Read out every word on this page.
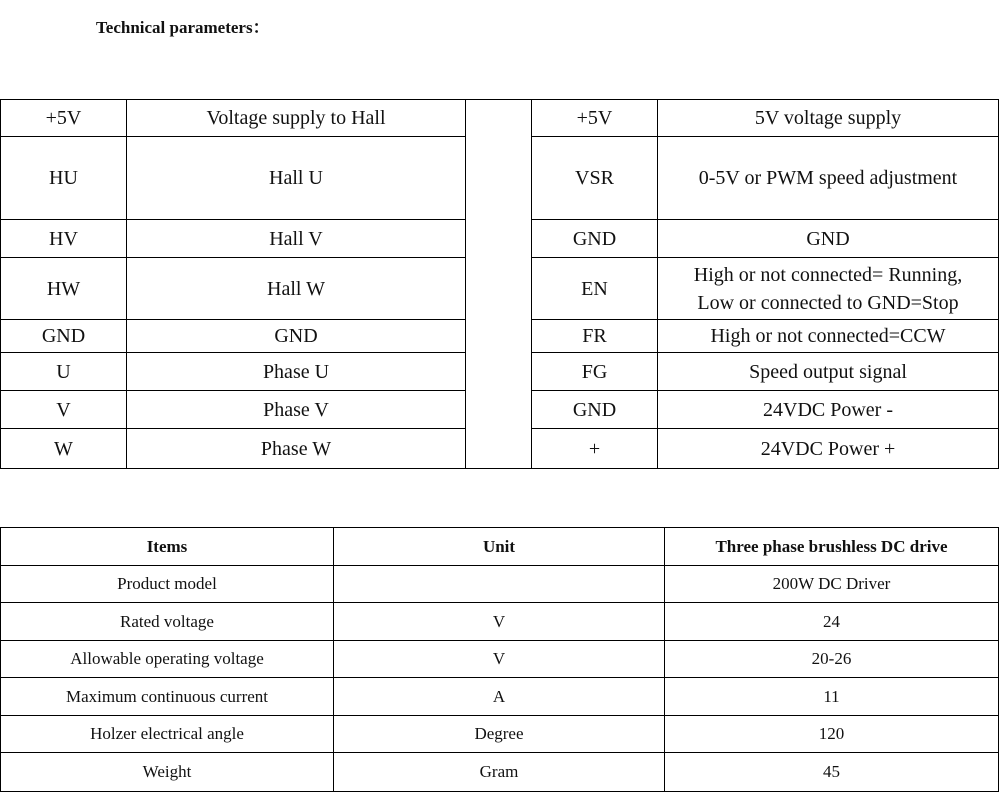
Technical parameters：
+5V	Voltage supply to Hall		+5V	5V voltage supply
HU	Hall U		VSR	0-5V or PWM speed adjustment
HV	Hall V		GND	GND
HW	Hall W		EN	High or not connected= Running,
Low or connected to GND=Stop

GND	GND		FR	High or not connected=CCW
U	Phase U		FG	Speed output signal
V	Phase V		GND	24VDC Power -
W	Phase W		+	24VDC Power +
Items	Unit	Three phase brushless DC drive
Product model		200W DC Driver
Rated voltage	V	24
Allowable operating voltage	V	20-26
Maximum continuous current	A	11
Holzer electrical angle	Degree	120
Weight	Gram	45
